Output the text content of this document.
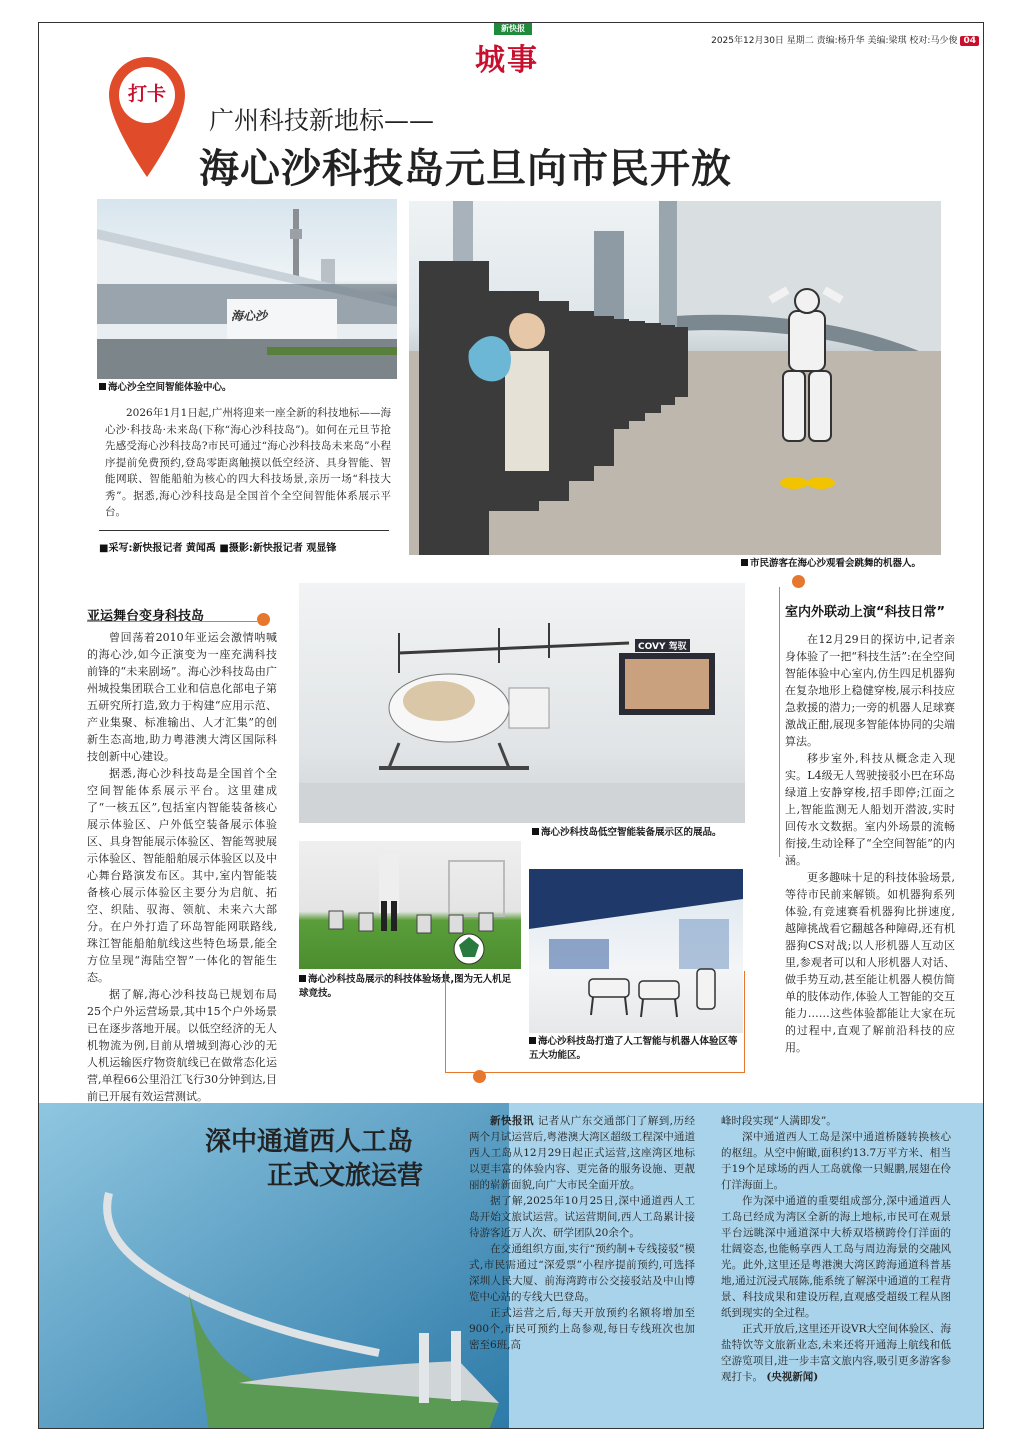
新快报
城事
2025年12月30日 星期二 责编:杨升华 美编:梁琪 校对:马少俊 04
打卡
广州科技新地标——
海心沙科技岛元旦向市民开放
海心沙
海心沙全空间智能体验中心。

2026年1月1日起,广州将迎来一座全新的科技地标——海心沙·科技岛·未来岛(下称“海心沙科技岛”)。如何在元旦节抢先感受海心沙科技岛?市民可通过“海心沙科技岛未来岛”小程序提前免费预约,登岛零距离触摸以低空经济、具身智能、智能网联、智能船舶为核心的四大科技场景,亲历一场“科技大秀”。据悉,海心沙科技岛是全国首个全空间智能体系展示平台。

■采写:新快报记者 黄闻禹 ■摄影:新快报记者 观显锋
市民游客在海心沙观看会跳舞的机器人。
亚运舞台变身科技岛

曾回荡着2010年亚运会激情呐喊的海心沙,如今正演变为一座充满科技前锋的“未来剧场”。海心沙科技岛由广州城投集团联合工业和信息化部电子第五研究所打造,致力于构建“应用示范、产业集聚、标准输出、人才汇集”的创新生态高地,助力粤港澳大湾区国际科技创新中心建设。

据悉,海心沙科技岛是全国首个全空间智能体系展示平台。这里建成了“一核五区”,包括室内智能装备核心展示体验区、户外低空装备展示体验区、具身智能展示体验区、智能驾驶展示体验区、智能船舶展示体验区以及中心舞台路演发布区。其中,室内智能装备核心展示体验区主要分为启航、拓空、织陆、驭海、领航、未来六大部分。在户外打造了环岛智能网联路线,珠江智能船舶航线这些特色场景,能全方位呈现“海陆空智”一体化的智能生态。

据了解,海心沙科技岛已规划布局25个户外运营场景,其中15个户外场景已在逐步落地开展。以低空经济的无人机物流为例,目前从增城到海心沙的无人机运输医疗物资航线已在做常态化运营,单程66公里沿江飞行30分钟到达,目前已开展有效运营测试。

COVY 驾驭
海心沙科技岛低空智能装备展示区的展品。
海心沙科技岛展示的科技体验场景,图为无人机足球竞技。
海心沙科技岛打造了人工智能与机器人体验区等五大功能区。
室内外联动上演“科技日常”

在12月29日的探访中,记者亲身体验了一把“科技生活”:在全空间智能体验中心室内,仿生四足机器狗在复杂地形上稳健穿梭,展示科技应急救援的潜力;一旁的机器人足球赛激战正酣,展现多智能体协同的尖端算法。

移步室外,科技从概念走入现实。L4级无人驾驶接驳小巴在环岛绿道上安静穿梭,招手即停;江面之上,智能监测无人船划开潜波,实时回传水文数据。室内外场景的流畅衔接,生动诠释了“全空间智能”的内涵。

更多趣味十足的科技体验场景,等待市民前来解锁。如机器狗系列体验,有竞速赛看机器狗比拼速度,越障挑战看它翻越各种障碍,还有机器狗CS对战;以人形机器人互动区里,参观者可以和人形机器人对话、做手势互动,甚至能让机器人模仿简单的肢体动作,体验人工智能的交互能力……这些体验都能让大家在玩的过程中,直观了解前沿科技的应用。

深中通道西人工岛
正式文旅运营

新快报讯 记者从广东交通部门了解到,历经两个月试运营后,粤港澳大湾区超级工程深中通道西人工岛从12月29日起正式运营,这座湾区地标以更丰富的体验内容、更完备的服务设施、更靓丽的崭新面貌,向广大市民全面开放。

据了解,2025年10月25日,深中通道西人工岛开始文旅试运营。试运营期间,西人工岛累计接待游客近万人次、研学团队20余个。

在交通组织方面,实行“预约制+专线接驳”模式,市民需通过“深爱票”小程序提前预约,可选择深圳人民大厦、前海湾跨市公交接驳站及中山博览中心站的专线大巴登岛。

正式运营之后,每天开放预约名额将增加至900个,市民可预约上岛参观,每日专线班次也加密至6班,高

峰时段实现“人满即发”。

深中通道西人工岛是深中通道桥隧转换核心的枢纽。从空中俯瞰,面积约13.7万平方米、相当于19个足球场的西人工岛就像一只鲲鹏,展翅在伶仃洋海面上。

作为深中通道的重要组成部分,深中通道西人工岛已经成为湾区全新的海上地标,市民可在观景平台远眺深中通道深中大桥双塔横跨伶仃洋面的壮阔姿态,也能畅享西人工岛与周边海景的交融风光。此外,这里还是粤港澳大湾区跨海通道科普基地,通过沉浸式展陈,能系统了解深中通道的工程背景、科技成果和建设历程,直观感受超级工程从图纸到现实的全过程。

正式开放后,这里还开设VR大空间体验区、海盐特饮等文旅新业态,未来还将开通海上航线和低空游览项目,进一步丰富文旅内容,吸引更多游客参观打卡。 (央视新闻)
